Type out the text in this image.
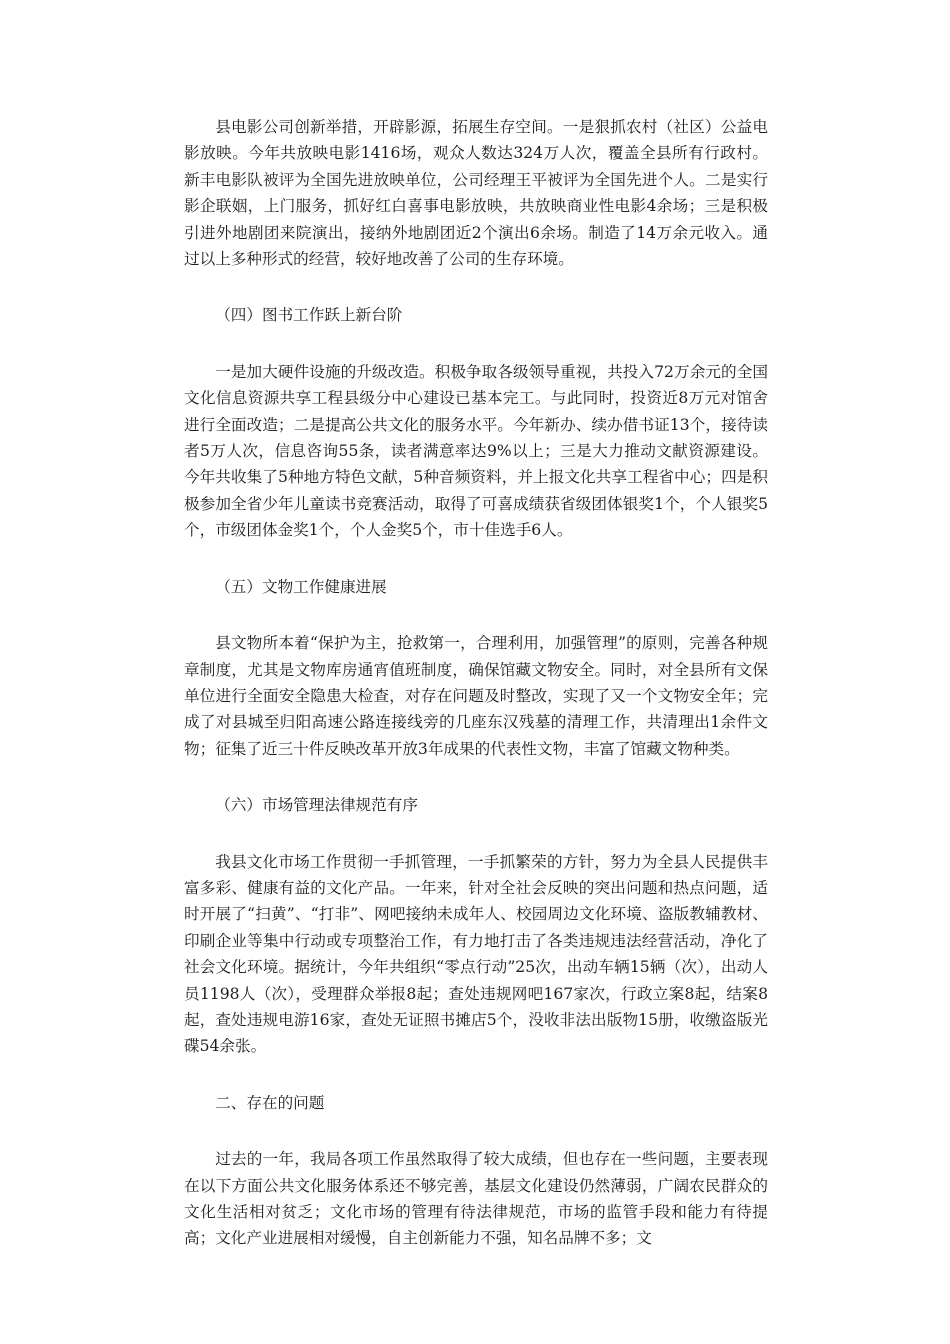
县电影公司创新举措，开辟影源，拓展生存空间。一是狠抓农村（社区）公益电影放映。今年共放映电影1416场，观众人数达324万人次，覆盖全县所有行政村。新丰电影队被评为全国先进放映单位，公司经理王平被评为全国先进个人。二是实行影企联姻，上门服务，抓好红白喜事电影放映，共放映商业性电影4余场；三是积极引进外地剧团来院演出，接纳外地剧团近2个演出6余场。制造了14万余元收入。通过以上多种形式的经营，较好地改善了公司的生存环境。

（四）图书工作跃上新台阶

一是加大硬件设施的升级改造。积极争取各级领导重视，共投入72万余元的全国文化信息资源共享工程县级分中心建设已基本完工。与此同时，投资近8万元对馆舍进行全面改造；二是提高公共文化的服务水平。今年新办、续办借书证13个，接待读者5万人次，信息咨询55条，读者满意率达9%以上；三是大力推动文献资源建设。今年共收集了5种地方特色文献，5种音频资料，并上报文化共享工程省中心；四是积极参加全省少年儿童读书竞赛活动，取得了可喜成绩获省级团体银奖1个，个人银奖5个，市级团体金奖1个，个人金奖5个，市十佳选手6人。

（五）文物工作健康进展

县文物所本着“保护为主，抢救第一，合理利用，加强管理”的原则，完善各种规章制度，尤其是文物库房通宵值班制度，确保馆藏文物安全。同时，对全县所有文保单位进行全面安全隐患大检查，对存在问题及时整改，实现了又一个文物安全年；完成了对县城至归阳高速公路连接线旁的几座东汉残墓的清理工作，共清理出1余件文物；征集了近三十件反映改革开放3年成果的代表性文物，丰富了馆藏文物种类。

（六）市场管理法律规范有序

我县文化市场工作贯彻一手抓管理，一手抓繁荣的方针，努力为全县人民提供丰富多彩、健康有益的文化产品。一年来，针对全社会反映的突出问题和热点问题，适时开展了“扫黄”、“打非”、网吧接纳未成年人、校园周边文化环境、盗版教辅教材、印刷企业等集中行动或专项整治工作，有力地打击了各类违规违法经营活动，净化了社会文化环境。据统计，今年共组织“零点行动”25次，出动车辆15辆（次），出动人员1198人（次），受理群众举报8起；查处违规网吧167家次，行政立案8起，结案8起，查处违规电游16家，查处无证照书摊店5个，没收非法出版物15册，收缴盗版光碟54余张。

二、存在的问题

过去的一年，我局各项工作虽然取得了较大成绩，但也存在一些问题，主要表现在以下方面公共文化服务体系还不够完善，基层文化建设仍然薄弱，广阔农民群众的文化生活相对贫乏；文化市场的管理有待法律规范，市场的监管手段和能力有待提高；文化产业进展相对缓慢，自主创新能力不强，知名品牌不多；文
